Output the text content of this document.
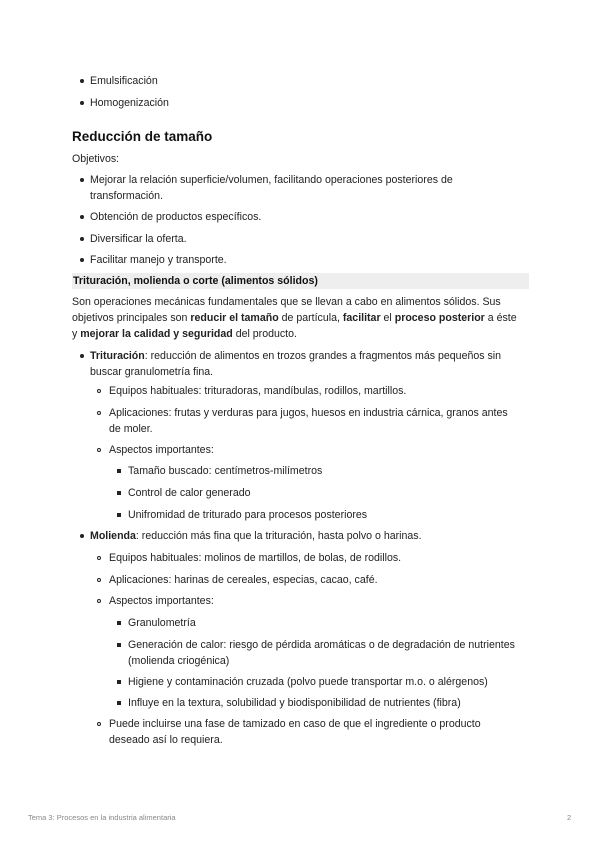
Emulsificación
Homogenización
Reducción de tamaño
Objetivos:
Mejorar la relación superficie/volumen, facilitando operaciones posteriores de
transformación.
Obtención de productos específicos.
Diversificar la oferta.
Facilitar manejo y transporte.
Trituración, molienda o corte (alimentos sólidos)
Son operaciones mecánicas fundamentales que se llevan a cabo en alimentos sólidos. Sus
objetivos principales son reducir el tamaño de partícula, facilitar el proceso posterior a éste
y mejorar la calidad y seguridad del producto.
Trituración: reducción de alimentos en trozos grandes a fragmentos más pequeños sin
buscar granulometría fina.
Equipos habituales: trituradoras, mandíbulas, rodillos, martillos.
Aplicaciones: frutas y verduras para jugos, huesos en industria cárnica, granos antes
de moler.
Aspectos importantes:
Tamaño buscado: centímetros-milímetros
Control de calor generado
Unifromidad de triturado para procesos posteriores
Molienda: reducción más fina que la trituración, hasta polvo o harinas.
Equipos habituales: molinos de martillos, de bolas, de rodillos.
Aplicaciones: harinas de cereales, especias, cacao, café.
Aspectos importantes:
Granulometría
Generación de calor: riesgo de pérdida aromáticas o de degradación de nutrientes
(molienda criogénica)
Higiene y contaminación cruzada (polvo puede transportar m.o. o alérgenos)
Influye en la textura, solubilidad y biodisponibilidad de nutrientes (fibra)
Puede incluirse una fase de tamizado en caso de que el ingrediente o producto
deseado así lo requiera.
Tema 3: Procesos en la industria alimentaria	2
